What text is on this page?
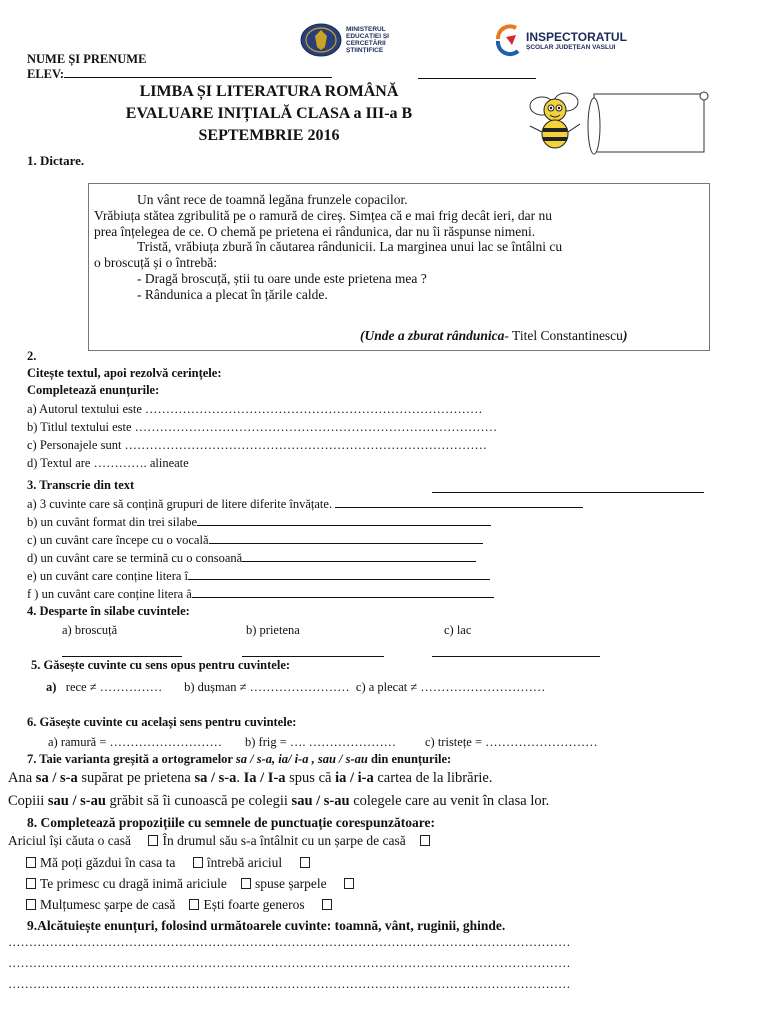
NUME ȘI PRENUME
ELEV:
MINISTERUL
EDUCAȚIEI ȘI
CERCETĂRII
ȘTIINȚIFICE
INSPECTORATUL
ȘCOLAR JUDEȚEAN VASLUI
LIMBA ȘI LITERATURA ROMÂNĂ
EVALUARE INIȚIALĂ CLASA a III-a B
SEPTEMBRIE 2016
1. Dictare.
Un vânt rece de toamnă legăna frunzele copacilor.
Vrăbiuța stătea zgribulită pe o ramură de cireș. Simțea că e mai frig decât ieri, dar nu
prea înțelegea de ce. O chemă pe prietena ei rândunica, dar nu îi răspunse nimeni.
Tristă, vrăbiuța zbură în căutarea rândunicii. La marginea unui lac se întâlni cu
o broscuță și o întrebă:
- Dragă broscuță, știi tu oare unde este prietena mea ?
- Rândunica a plecat în țările calde.
(Unde a zburat rândunica- Titel Constantinescu)
2.
Citește textul, apoi rezolvă cerințele:
Completează enunțurile:
a) Autorul textului este ………………………………………………………………………
b) Titlul textului este ……………………………………………………………………………
c) Personajele sunt ……………………………………………………………………………
d) Textul are …………. alineate
3. Transcrie din text
a) 3 cuvinte care să conțină grupuri de litere diferite învățate.
b) un cuvânt format din trei silabe
c) un cuvânt care începe cu o vocală
d) un cuvânt care se termină cu o consoană
e) un cuvânt care conține litera î
f ) un cuvânt care conține litera â
4. Desparte în silabe cuvintele:
a) broscuță	b) prietena	c) lac
5. Găsește cuvinte cu sens opus pentru cuvintele:
a) rece ≠ …………… b) dușman ≠ …………………… c) a plecat ≠ …………………………
6. Găsește cuvinte cu același sens pentru cuvintele:
a) ramură = ……………………… b) frig = …. ………………… c) tristețe = ………………………
7. Taie varianta greșită a ortogramelor sa / s-a, ia/ i-a , sau / s-au din enunțurile:
Ana sa / s-a supărat pe prietena sa / s-a. Ia / I-a spus că ia / i-a cartea de la librărie.
Copiii sau / s-au grăbit să îi cunoască pe colegii sau / s-au colegele care au venit în clasa lor.
8. Completează propozițiile cu semnele de punctuație corespunzătoare:
Ariciul își căuta o casă În drumul său s-a întâlnit cu un șarpe de casă
Mă poți găzdui în casa ta întrebă ariciul
Te primesc cu dragă inimă ariciule spuse șarpele
Mulțumesc șarpe de casă Ești foarte generos
9.Alcătuiește enunțuri, folosind următoarele cuvinte: toamnă, vânt, ruginii, ghinde.
………………………………………………………………………………………………………………………
………………………………………………………………………………………………………………………
………………………………………………………………………………………………………………………
